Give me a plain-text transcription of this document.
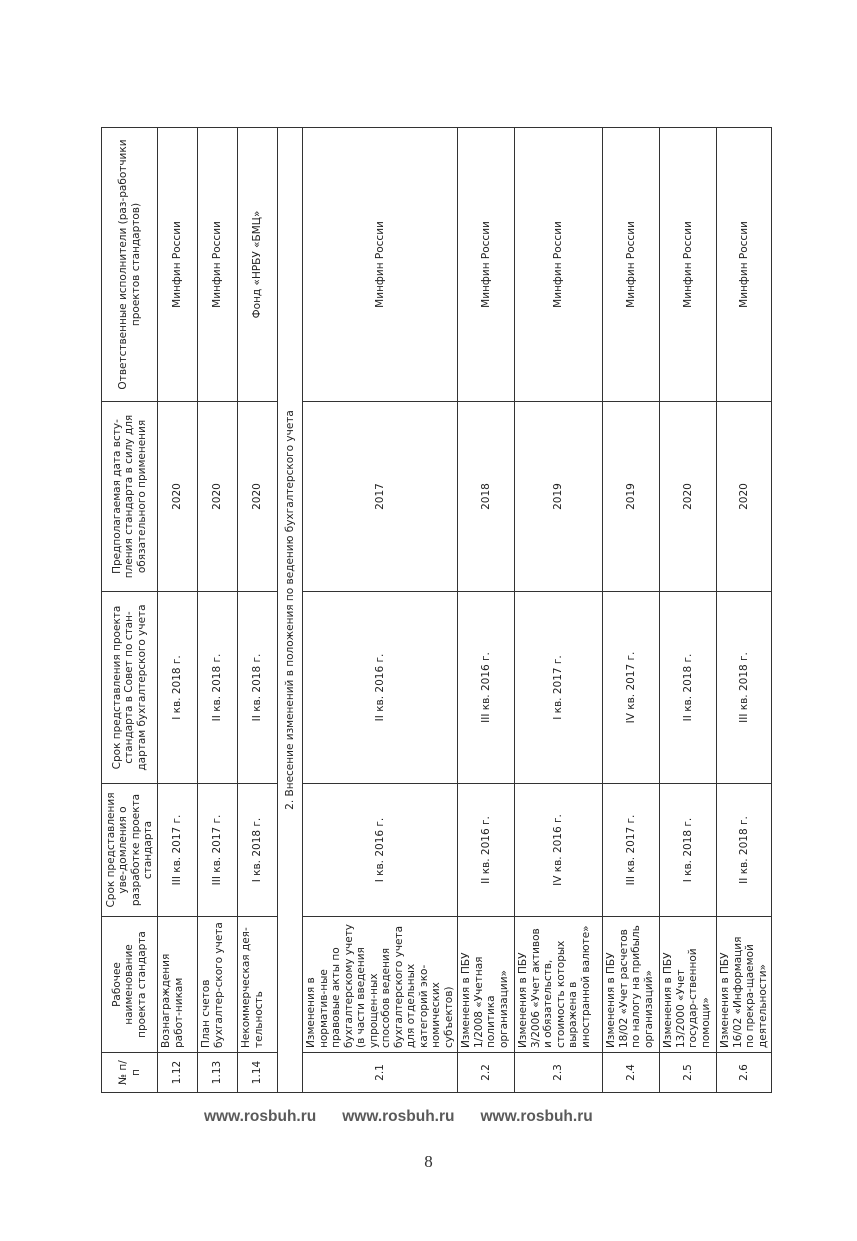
№ п/п	Рабочее наименование проекта стандарта	Срок представления уве-домления о разработке проекта стандарта	Срок представления проекта стандарта в Совет по стан-дартам бухгалтерского учета	Предполагаемая дата всту-пления стандарта в силу для обязательного применения	Ответственные исполнители (раз-работчики проектов стандартов)
1.12	Вознаграждения работ-никам	III кв. 2017 г.	I кв. 2018 г.	2020	Минфин России
1.13	План счетов бухгалтер-ского учета	III кв. 2017 г.	II кв. 2018 г.	2020	Минфин России
1.14	Некоммерческая дея-тельность	I кв. 2018 г.	II кв. 2018 г.	2020	Фонд «НРБУ «БМЦ»
2. Внесение изменений в положения по ведению бухгалтерского учета					
2.1	Изменения в норматив-ные правовые акты по бухгалтерскому учету (в части введения упрощен-ных способов ведения бухгалтерского учета для отдельных категорий эко-номических субъектов)	I кв. 2016 г.	II кв. 2016 г.	2017	Минфин России
2.2	Изменения в ПБУ 1/2008 «Учетная политика организации»	II кв. 2016 г.	III кв. 2016 г.	2018	Минфин России
2.3	Изменения в ПБУ 3/2006 «Учет активов и обязательств, стоимость которых выражена в иностранной валюте»	IV кв. 2016 г.	I кв. 2017 г.	2019	Минфин России
2.4	Изменения в ПБУ 18/02 «Учет расчетов по налогу на прибыль организаций»	III кв. 2017 г.	IV кв. 2017 г.	2019	Минфин России
2.5	Изменения в ПБУ 13/2000 «Учет государ-ственной помощи»	I кв. 2018 г.	II кв. 2018 г.	2020	Минфин России
2.6	Изменения в ПБУ 16/02 «Информация по прекра-щаемой деятельности»	II кв. 2018 г.	III кв. 2018 г.	2020	Минфин России
www.rosbuh.ru www.rosbuh.ru www.rosbuh.ru
8
